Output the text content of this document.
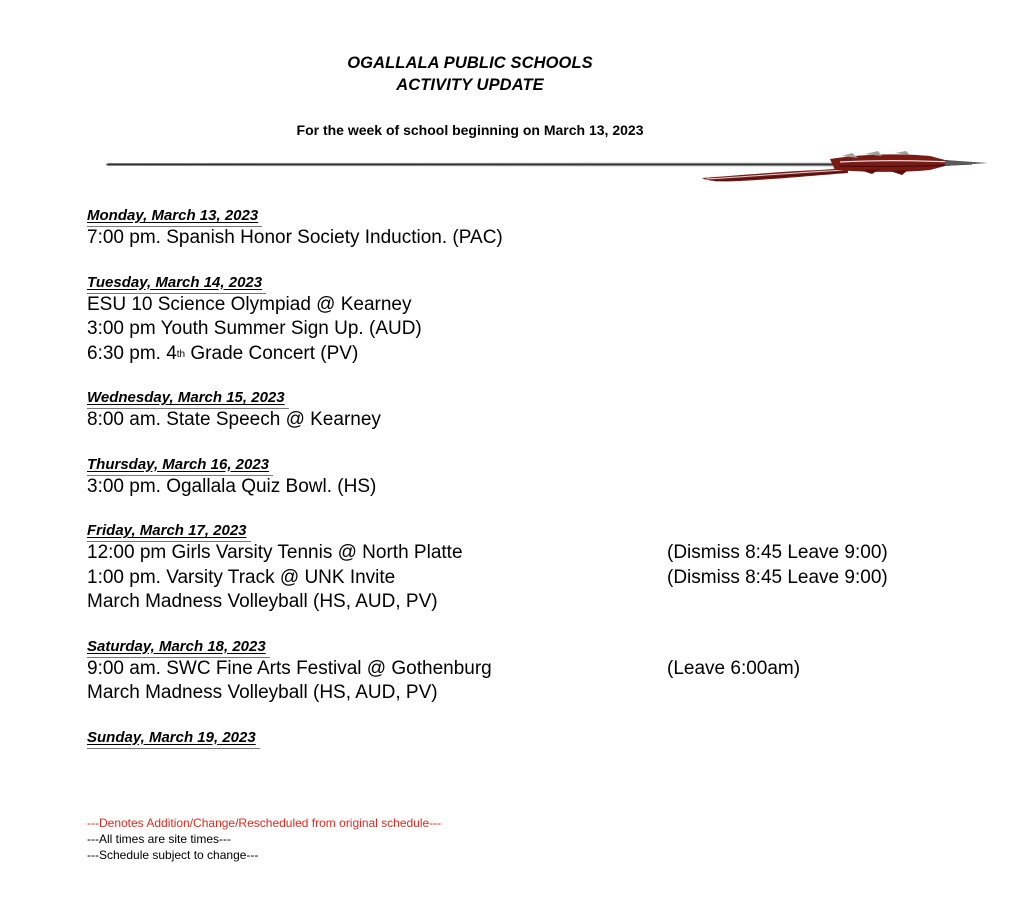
OGALLALA PUBLIC SCHOOLS
ACTIVITY UPDATE
For the week of school beginning on March 13, 2023
Monday, March 13, 2023
7:00 pm. Spanish Honor Society Induction. (PAC)
Tuesday, March 14, 2023
ESU 10 Science Olympiad @ Kearney
3:00 pm Youth Summer Sign Up. (AUD)
6:30 pm. 4th Grade Concert (PV)
Wednesday, March 15, 2023
8:00 am. State Speech @ Kearney
Thursday, March 16, 2023
3:00 pm. Ogallala Quiz Bowl. (HS)
Friday, March 17, 2023
12:00 pm Girls Varsity Tennis @ North Platte	(Dismiss 8:45 Leave 9:00)
1:00 pm. Varsity Track @ UNK Invite	(Dismiss 8:45 Leave 9:00)
March Madness Volleyball (HS, AUD, PV)
Saturday, March 18, 2023
9:00 am. SWC Fine Arts Festival @ Gothenburg	(Leave 6:00am)
March Madness Volleyball (HS, AUD, PV)
Sunday, March 19, 2023
---Denotes Addition/Change/Rescheduled from original schedule---
---All times are site times---
---Schedule subject to change---
